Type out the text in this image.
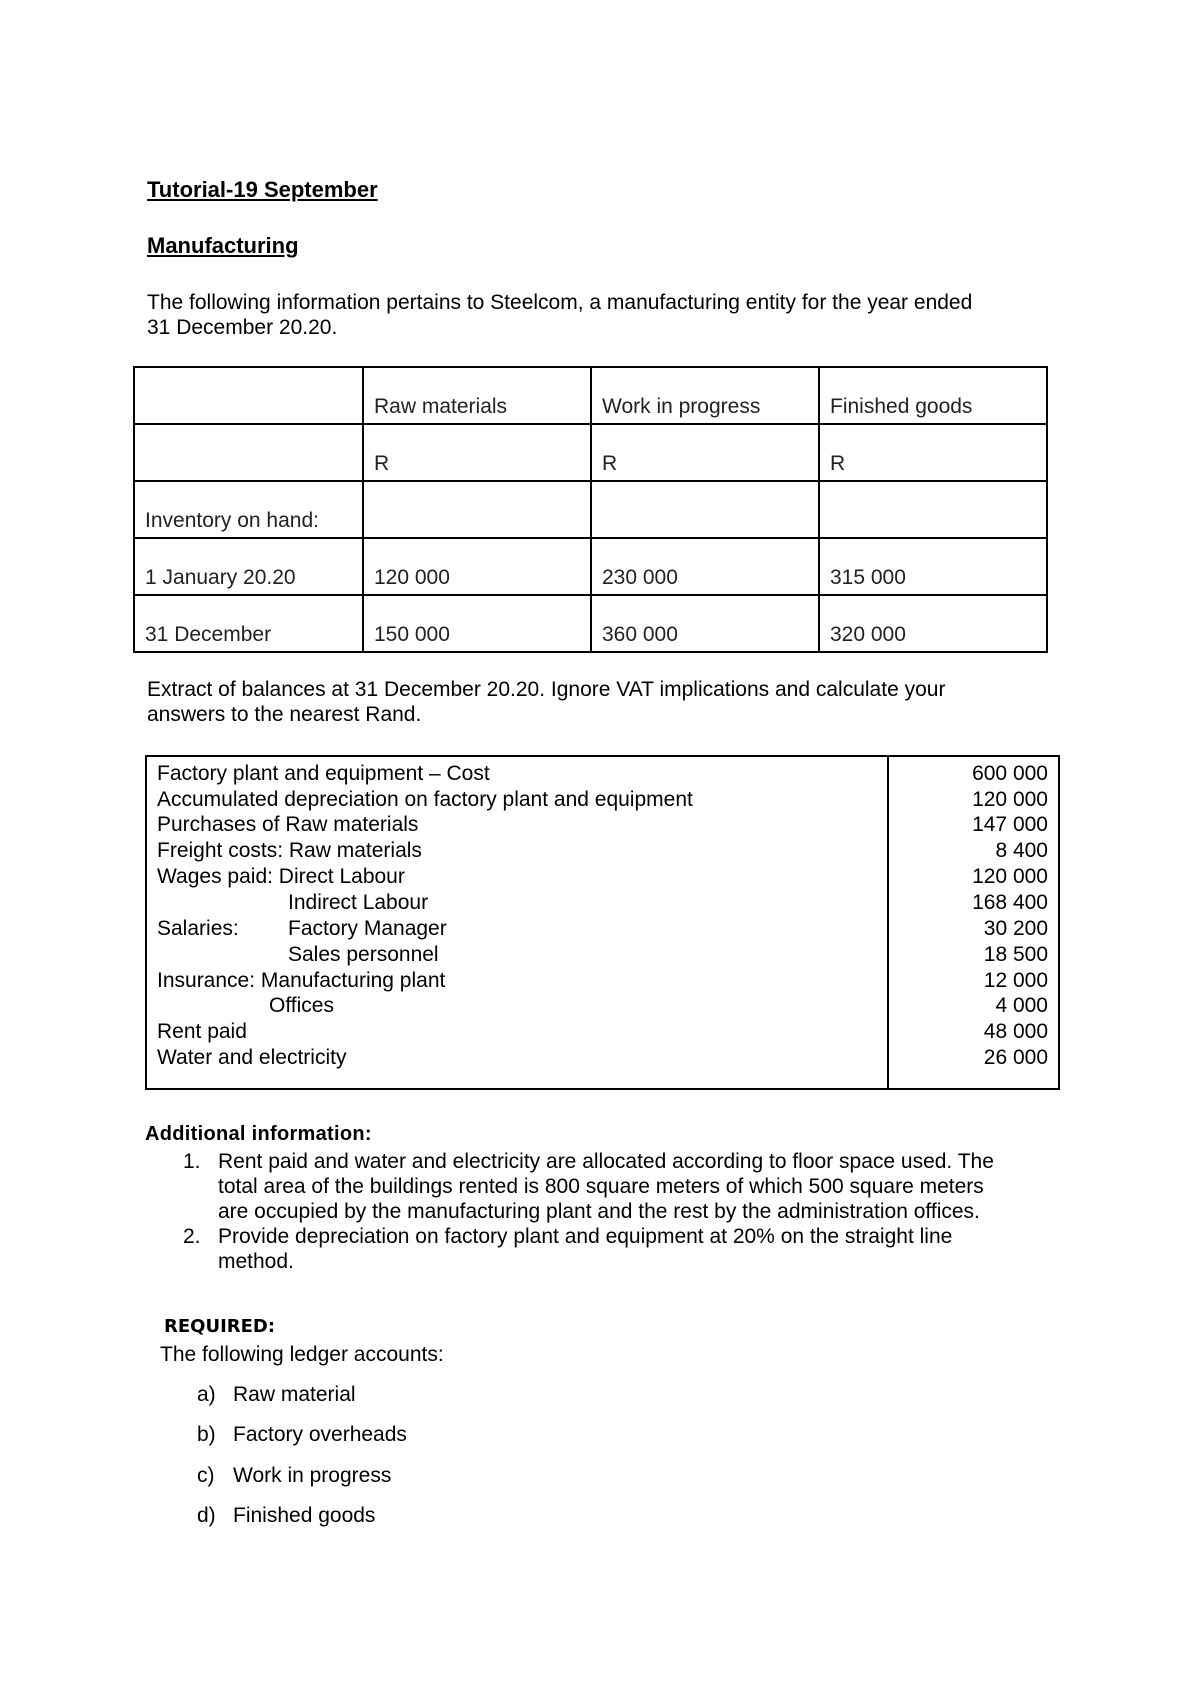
Tutorial-19 September
Manufacturing
The following information pertains to Steelcom, a manufacturing entity for the year ended
31 December 20.20.
	Raw materials	Work in progress	Finished goods
	R	R	R
Inventory on hand:			
1 January 20.20	120 000	230 000	315 000
31 December	150 000	360 000	320 000
Extract of balances at 31 December 20.20. Ignore VAT implications and calculate your
answers to the nearest Rand.
Factory plant and equipment – Cost	600 000
Accumulated depreciation on factory plant and equipment	120 000
Purchases of Raw materials	147 000
Freight costs: Raw materials	8 400
Wages paid: Direct Labour	120 000
Indirect Labour	168 400
Salaries: Factory Manager	30 200
Sales personnel	18 500
Insurance: Manufacturing plant	12 000
Offices	4 000
Rent paid	48 000
Water and electricity	26 000
Additional information:
1. Rent paid and water and electricity are allocated according to floor space used. The
total area of the buildings rented is 800 square meters of which 500 square meters
are occupied by the manufacturing plant and the rest by the administration offices.
2. Provide depreciation on factory plant and equipment at 20% on the straight line
method.
REQUIRED:
The following ledger accounts:
a) Raw material
b) Factory overheads
c) Work in progress
d) Finished goods
